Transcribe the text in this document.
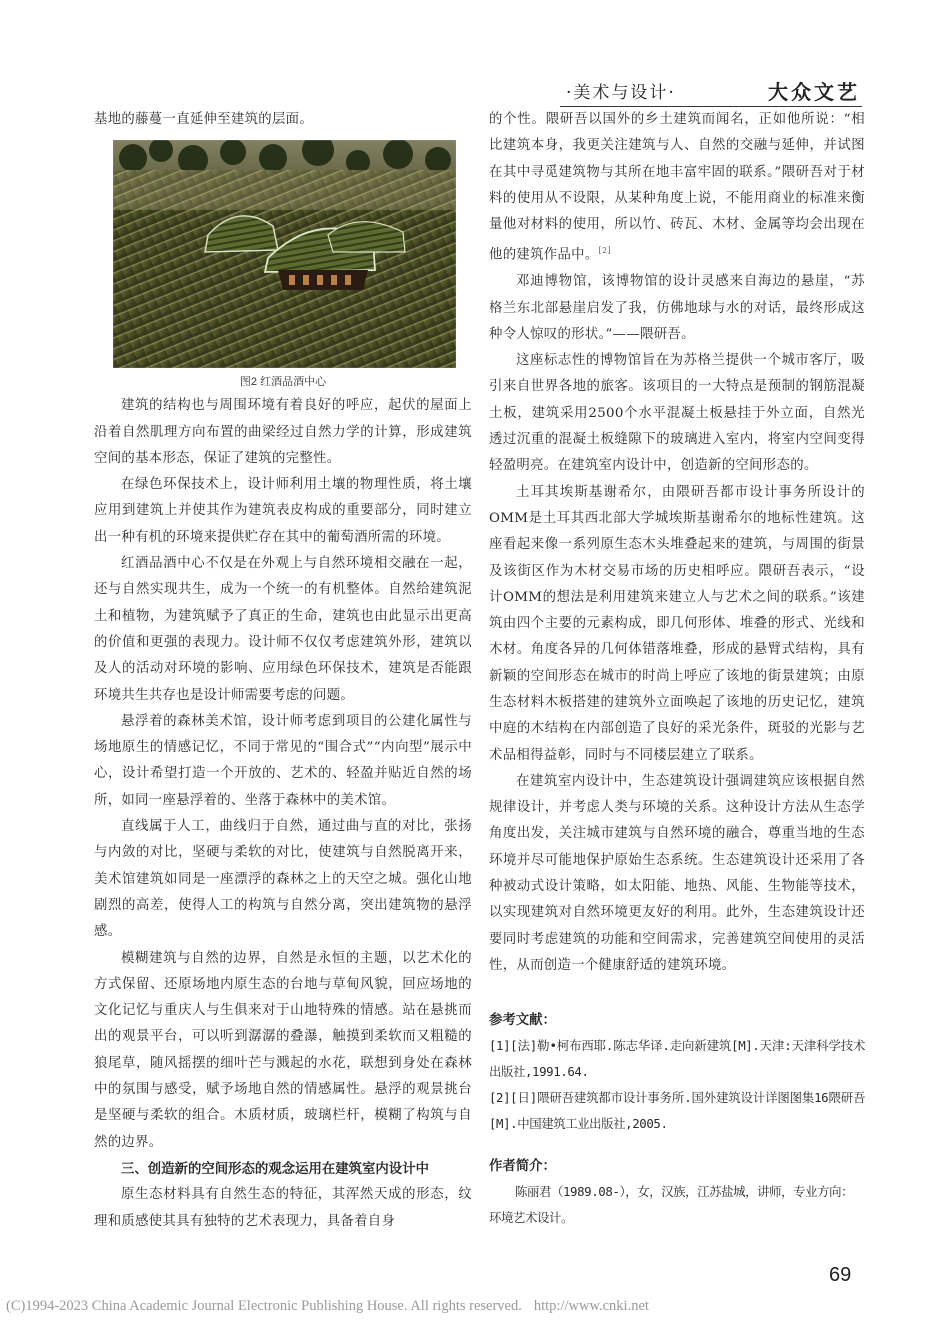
·美术与设计·	大众文艺

基地的藤蔓一直延伸至建筑的层面。

图2 红酒品酒中心

建筑的结构也与周围环境有着良好的呼应，起伏的屋面上沿着自然肌理方向布置的曲梁经过自然力学的计算，形成建筑空间的基本形态，保证了建筑的完整性。

在绿色环保技术上，设计师利用土壤的物理性质，将土壤应用到建筑上并使其作为建筑表皮构成的重要部分，同时建立出一种有机的环境来提供贮存在其中的葡萄酒所需的环境。

红酒品酒中心不仅是在外观上与自然环境相交融在一起，还与自然实现共生，成为一个统一的有机整体。自然给建筑泥土和植物，为建筑赋予了真正的生命，建筑也由此显示出更高的价值和更强的表现力。设计师不仅仅考虑建筑外形，建筑以及人的活动对环境的影响、应用绿色环保技术，建筑是否能跟环境共生共存也是设计师需要考虑的问题。

悬浮着的森林美术馆，设计师考虑到项目的公建化属性与场地原生的情感记忆，不同于常见的“围合式”“内向型”展示中心，设计希望打造一个开放的、艺术的、轻盈并贴近自然的场所，如同一座悬浮着的、坐落于森林中的美术馆。

直线属于人工，曲线归于自然，通过曲与直的对比，张扬与内敛的对比，坚硬与柔软的对比，使建筑与自然脱离开来，美术馆建筑如同是一座漂浮的森林之上的天空之城。强化山地剧烈的高差，使得人工的构筑与自然分离，突出建筑物的悬浮感。

模糊建筑与自然的边界，自然是永恒的主题，以艺术化的方式保留、还原场地内原生态的台地与草甸风貌，回应场地的文化记忆与重庆人与生俱来对于山地特殊的情感。站在悬挑而出的观景平台，可以听到潺潺的叠瀑，触摸到柔软而又粗糙的狼尾草，随风摇摆的细叶芒与溅起的水花，联想到身处在森林中的氛围与感受，赋予场地自然的情感属性。悬浮的观景挑台是坚硬与柔软的组合。木质材质，玻璃栏杆，模糊了构筑与自然的边界。

三、创造新的空间形态的观念运用在建筑室内设计中

原生态材料具有自然生态的特征，其浑然天成的形态，纹理和质感使其具有独特的艺术表现力，具备着自身

的个性。隈研吾以国外的乡土建筑而闻名，正如他所说：“相比建筑本身，我更关注建筑与人、自然的交融与延伸，并试图在其中寻觅建筑物与其所在地丰富牢固的联系。”隈研吾对于材料的使用从不设限，从某种角度上说，不能用商业的标准来衡量他对材料的使用，所以竹、砖瓦、木材、金属等均会出现在他的建筑作品中。[2]

邓迪博物馆，该博物馆的设计灵感来自海边的悬崖，“苏格兰东北部悬崖启发了我，仿佛地球与水的对话，最终形成这种令人惊叹的形状。”——隈研吾。

这座标志性的博物馆旨在为苏格兰提供一个城市客厅，吸引来自世界各地的旅客。该项目的一大特点是预制的钢筋混凝土板，建筑采用2500个水平混凝土板悬挂于外立面，自然光透过沉重的混凝土板缝隙下的玻璃进入室内，将室内空间变得轻盈明亮。在建筑室内设计中，创造新的空间形态的。

土耳其埃斯基谢希尔，由隈研吾都市设计事务所设计的OMM是土耳其西北部大学城埃斯基谢希尔的地标性建筑。这座看起来像一系列原生态木头堆叠起来的建筑，与周围的街景及该街区作为木材交易市场的历史相呼应。隈研吾表示，“设计OMM的想法是利用建筑来建立人与艺术之间的联系。”该建筑由四个主要的元素构成，即几何形体、堆叠的形式、光线和木材。角度各异的几何体错落堆叠，形成的悬臂式结构，具有新颖的空间形态在城市的时尚上呼应了该地的街景建筑；由原生态材料木板搭建的建筑外立面唤起了该地的历史记忆，建筑中庭的木结构在内部创造了良好的采光条件，斑驳的光影与艺术品相得益彰，同时与不同楼层建立了联系。

在建筑室内设计中，生态建筑设计强调建筑应该根据自然规律设计，并考虑人类与环境的关系。这种设计方法从生态学角度出发，关注城市建筑与自然环境的融合，尊重当地的生态环境并尽可能地保护原始生态系统。生态建筑设计还采用了各种被动式设计策略，如太阳能、地热、风能、生物能等技术，以实现建筑对自然环境更友好的利用。此外，生态建筑设计还要同时考虑建筑的功能和空间需求，完善建筑空间使用的灵活性，从而创造一个健康舒适的建筑环境。

参考文献：

[1][法]勒•柯布西耶.陈志华译.走向新建筑[M].天津:天津科学技术出版社,1991.64.

[2][日]隈研吾建筑都市设计事务所.国外建筑设计详图图集16隈研吾[M].中国建筑工业出版社,2005.

作者简介：

陈丽君（1989.08-），女，汉族，江苏盐城，讲师，专业方向：环境艺术设计。

69
(C)1994-2023 China Academic Journal Electronic Publishing House. All rights reserved. http://www.cnki.net
